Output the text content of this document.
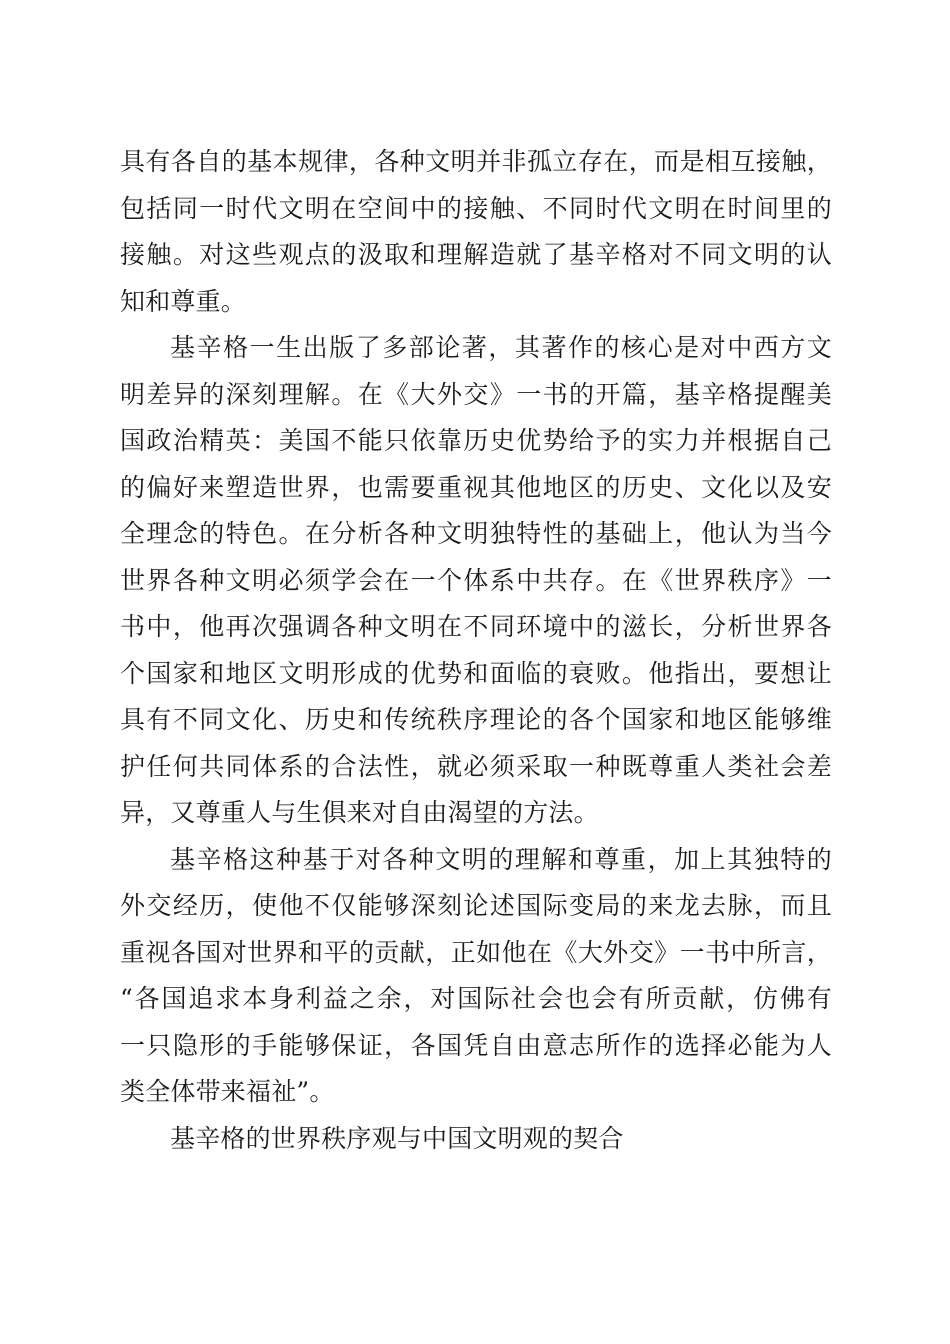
具有各自的基本规律，各种文明并非孤立存在，而是相互接触，
包括同一时代文明在空间中的接触、不同时代文明在时间里的
接触。对这些观点的汲取和理解造就了基辛格对不同文明的认
知和尊重。
基辛格一生出版了多部论著，其著作的核心是对中西方文
明差异的深刻理解。在《大外交》一书的开篇，基辛格提醒美
国政治精英：美国不能只依靠历史优势给予的实力并根据自己
的偏好来塑造世界，也需要重视其他地区的历史、文化以及安
全理念的特色。在分析各种文明独特性的基础上，他认为当今
世界各种文明必须学会在一个体系中共存。在《世界秩序》一
书中，他再次强调各种文明在不同环境中的滋长，分析世界各
个国家和地区文明形成的优势和面临的衰败。他指出，要想让
具有不同文化、历史和传统秩序理论的各个国家和地区能够维
护任何共同体系的合法性，就必须采取一种既尊重人类社会差
异，又尊重人与生俱来对自由渴望的方法。
基辛格这种基于对各种文明的理解和尊重，加上其独特的
外交经历，使他不仅能够深刻论述国际变局的来龙去脉，而且
重视各国对世界和平的贡献，正如他在《大外交》一书中所言，
“各国追求本身利益之余，对国际社会也会有所贡献，仿佛有
一只隐形的手能够保证，各国凭自由意志所作的选择必能为人
类全体带来福祉”。
基辛格的世界秩序观与中国文明观的契合
